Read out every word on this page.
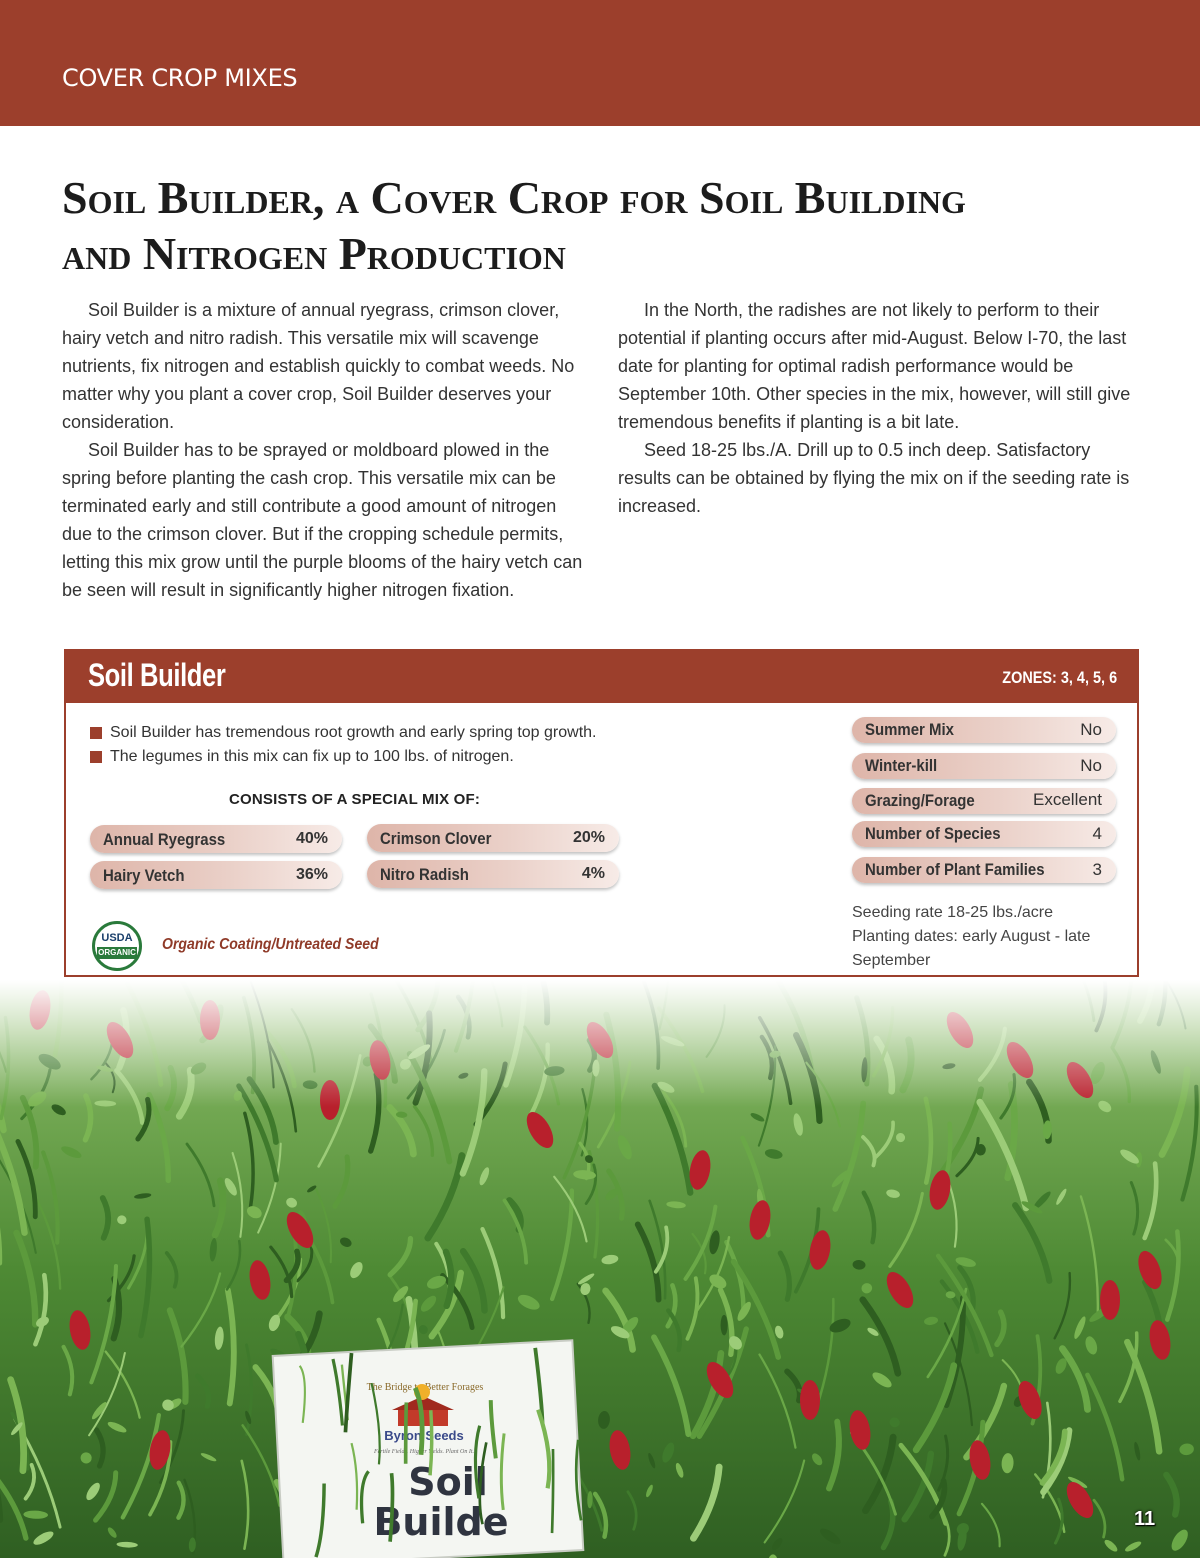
COVER CROP MIXES
Soil Builder, a Cover Crop for Soil Building
and Nitrogen Production

Soil Builder is a mixture of annual ryegrass, crimson clover, hairy vetch and nitro radish. This versatile mix will scavenge nutrients, fix nitrogen and establish quickly to combat weeds. No matter why you plant a cover crop, Soil Builder deserves your consideration.

Soil Builder has to be sprayed or moldboard plowed in the spring before planting the cash crop. This versatile mix can be terminated early and still contribute a good amount of nitrogen due to the crimson clover. But if the cropping schedule permits, letting this mix grow until the purple blooms of the hairy vetch can be seen will result in significantly higher nitrogen fixation.

In the North, the radishes are not likely to perform to their potential if planting occurs after mid-August. Below I-70, the last date for planting for optimal radish performance would be September 10th. Other species in the mix, however, will still give tremendous benefits if planting is a bit late.

Seed 18-25 lbs./A. Drill up to 0.5 inch deep. Satisfactory results can be obtained by flying the mix on if the seeding rate is increased.

Soil Builder	ZONES: 3, 4, 5, 6
Soil Builder has tremendous root growth and early spring top growth.
The legumes in this mix can fix up to 100 lbs. of nitrogen.
CONSISTS OF A SPECIAL MIX OF:
Annual Ryegrass	40%	Crimson Clover	20%
Hairy Vetch	36%	Nitro Radish	4%
Summer Mix	No
Winter-kill	No
Grazing/Forage	Excellent
Number of Species	4
Number of Plant Families	3
USDA
ORGANIC Organic Coating/Untreated Seed
Seeding rate 18-25 lbs./acre
Planting dates: early August - late September
11
